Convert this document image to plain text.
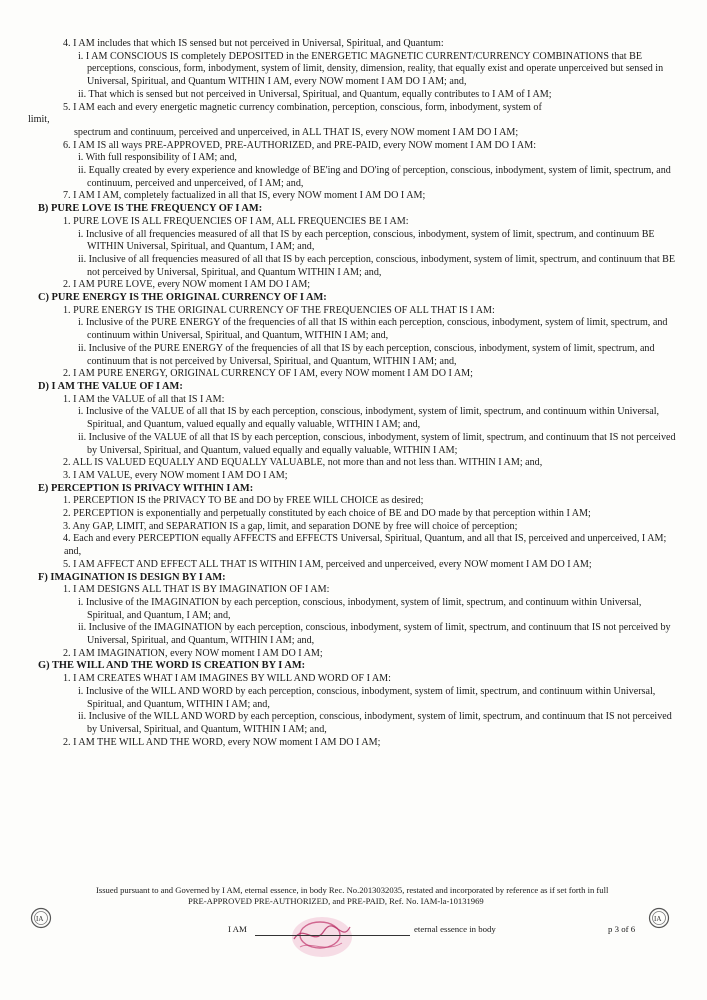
4. I AM includes that which IS sensed but not perceived in Universal, Spiritual, and Quantum:
i. I AM CONSCIOUS IS completely DEPOSITED in the ENERGETIC MAGNETIC CURRENT/CURRENCY COMBINATIONS that BE perceptions, conscious, form, inbodyment, system of limit, density, dimension, reality, that equally exist and operate unperceived but sensed in Universal, Spiritual, and Quantum WITHIN I AM, every NOW moment I AM DO I AM; and,
ii. That which is sensed but not perceived in Universal, Spiritual, and Quantum, equally contributes to I AM of I AM;
5. I AM each and every energetic magnetic currency combination, perception, conscious, form, inbodyment, system of
limit,
spectrum and continuum, perceived and unperceived, in ALL THAT IS, every NOW moment I AM DO I AM;
6. I AM IS all ways PRE-APPROVED, PRE-AUTHORIZED, and PRE-PAID, every NOW moment I AM DO I AM:
i. With full responsibility of I AM; and,
ii. Equally created by every experience and knowledge of BE'ing and DO'ing of perception, conscious, inbodyment, system of limit, spectrum, and continuum, perceived and unperceived, of I AM; and,
7. I AM I AM, completely factualized in all that IS, every NOW moment I AM DO I AM;
B) PURE LOVE IS THE FREQUENCY OF I AM:
1. PURE LOVE IS ALL FREQUENCIES OF I AM, ALL FREQUENCIES BE I AM:
i. Inclusive of all frequencies measured of all that IS by each perception, conscious, inbodyment, system of limit, spectrum, and continuum BE WITHIN Universal, Spiritual, and Quantum, I AM; and,
ii. Inclusive of all frequencies measured of all that IS by each perception, conscious, inbodyment, system of limit, spectrum, and continuum that BE not perceived by Universal, Spiritual, and Quantum WITHIN I AM; and,
2. I AM PURE LOVE, every NOW moment I AM DO I AM;
C) PURE ENERGY IS THE ORIGINAL CURRENCY OF I AM:
1. PURE ENERGY IS THE ORIGINAL CURRENCY OF THE FREQUENCIES OF ALL THAT IS I AM:
i. Inclusive of the PURE ENERGY of the frequencies of all that IS within each perception, conscious, inbodyment, system of limit, spectrum, and continuum within Universal, Spiritual, and Quantum, WITHIN I AM; and,
ii. Inclusive of the PURE ENERGY of the frequencies of all that IS by each perception, conscious, inbodyment, system of limit, spectrum, and continuum that is not perceived by Universal, Spiritual, and Quantum, WITHIN I AM; and,
2. I AM PURE ENERGY, ORIGINAL CURRENCY OF I AM, every NOW moment I AM DO I AM;
D) I AM THE VALUE OF I AM:
1. I AM the VALUE of all that IS I AM:
i. Inclusive of the VALUE of all that IS by each perception, conscious, inbodyment, system of limit, spectrum, and continuum within Universal, Spiritual, and Quantum, valued equally and equally valuable, WITHIN I AM; and,
ii. Inclusive of the VALUE of all that IS by each perception, conscious, inbodyment, system of limit, spectrum, and continuum that IS not perceived by Universal, Spiritual, and Quantum, valued equally and equally valuable, WITHIN I AM;
2. ALL IS VALUED EQUALLY AND EQUALLY VALUABLE, not more than and not less than. WITHIN I AM; and,
3. I AM VALUE, every NOW moment I AM DO I AM;
E) PERCEPTION IS PRIVACY WITHIN I AM:
1. PERCEPTION IS the PRIVACY TO BE and DO by FREE WILL CHOICE as desired;
2. PERCEPTION is exponentially and perpetually constituted by each choice of BE and DO made by that perception within I AM;
3. Any GAP, LIMIT, and SEPARATION IS a gap, limit, and separation DONE by free will choice of perception;
4. Each and every PERCEPTION equally AFFECTS and EFFECTS Universal, Spiritual, Quantum, and all that IS, perceived and unperceived, I AM; and,
5. I AM AFFECT AND EFFECT ALL THAT IS WITHIN I AM, perceived and unperceived, every NOW moment I AM DO I AM;
F) IMAGINATION IS DESIGN BY I AM:
1. I AM DESIGNS ALL THAT IS BY IMAGINATION OF I AM:
i. Inclusive of the IMAGINATION by each perception, conscious, inbodyment, system of limit, spectrum, and continuum within Universal, Spiritual, and Quantum, I AM; and,
ii. Inclusive of the IMAGINATION by each perception, conscious, inbodyment, system of limit, spectrum, and continuum that IS not perceived by Universal, Spiritual, and Quantum, WITHIN I AM; and,
2. I AM IMAGINATION, every NOW moment I AM DO I AM;
G) THE WILL AND THE WORD IS CREATION BY I AM:
1. I AM CREATES WHAT I AM IMAGINES BY WILL AND WORD OF I AM:
i. Inclusive of the WILL AND WORD by each perception, conscious, inbodyment, system of limit, spectrum, and continuum within Universal, Spiritual, and Quantum, WITHIN I AM; and,
ii. Inclusive of the WILL AND WORD by each perception, conscious, inbodyment, system of limit, spectrum, and continuum that IS not perceived by Universal, Spiritual, and Quantum, WITHIN I AM; and,
2. I AM THE WILL AND THE WORD, every NOW moment I AM DO I AM;
Issued pursuant to and Governed by I AM, eternal essence, in body Rec. No.2013032035, restated and incorporated by reference as if set forth in full
PRE-APPROVED PRE-AUTHORIZED, and PRE-PAID, Ref. No. IAM-la-10131969
IA	IA
I AM	eternal essence in body	p 3 of 6
